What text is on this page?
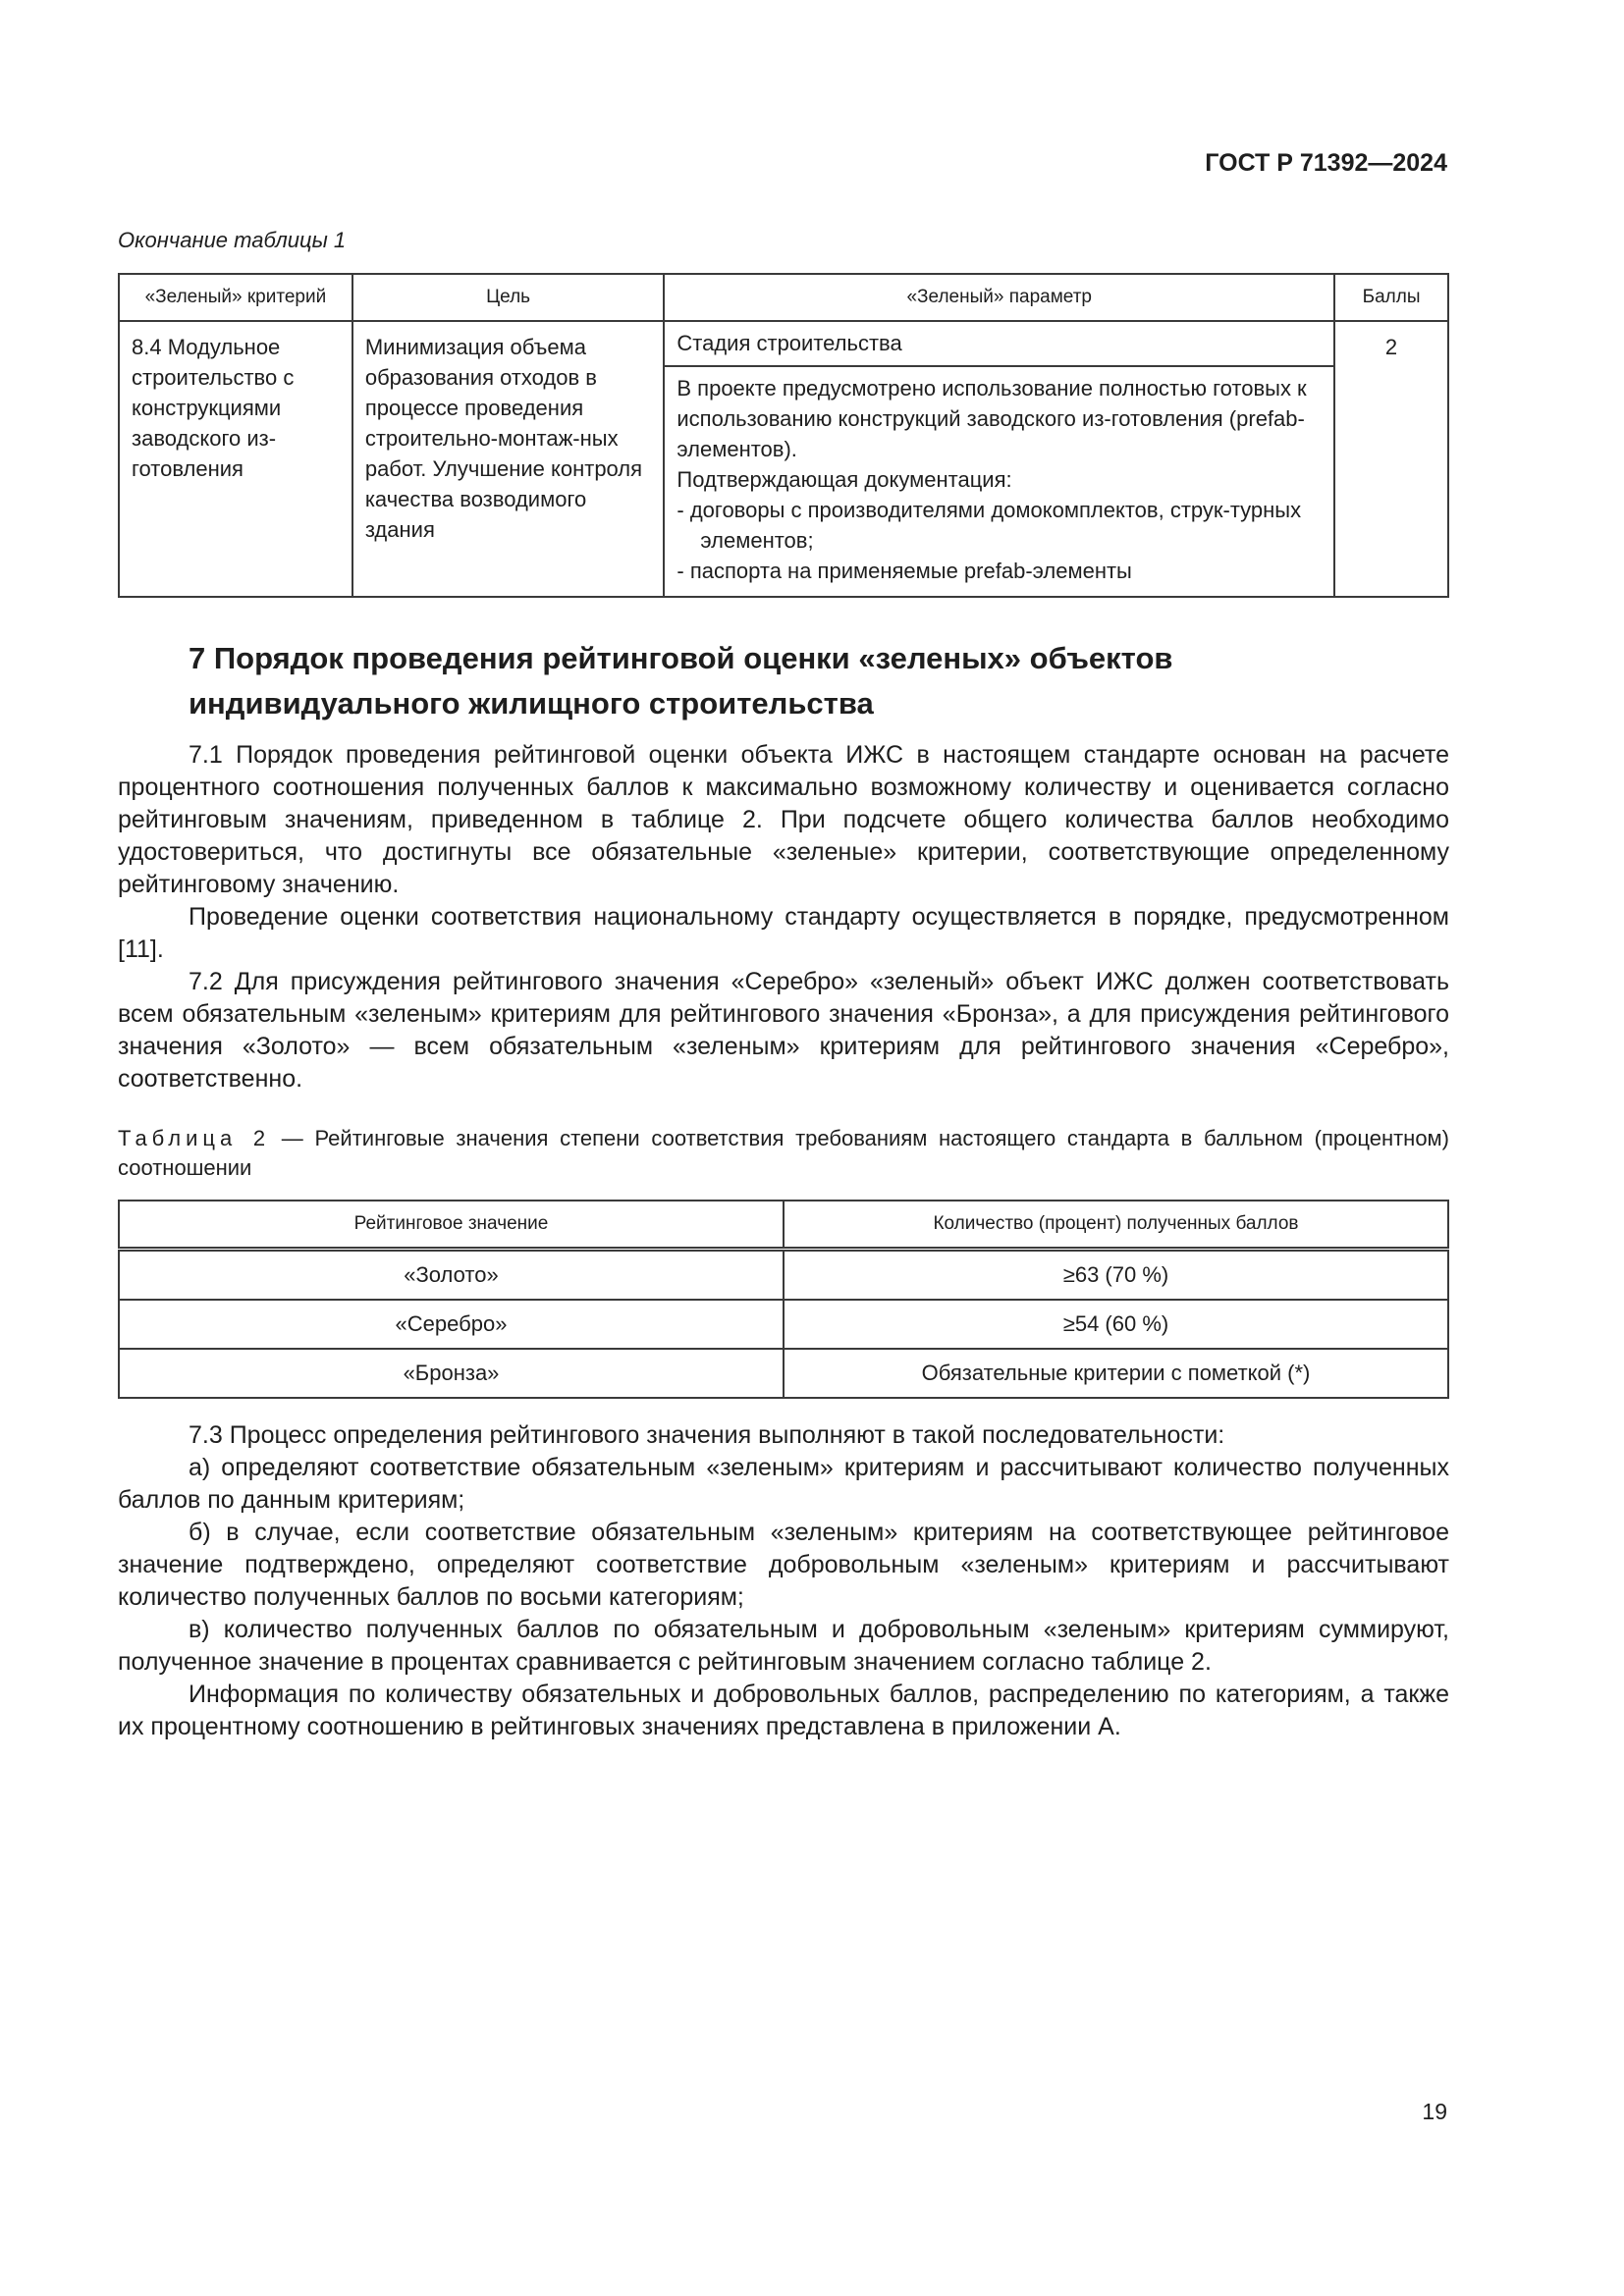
ГОСТ Р 71392—2024
Окончание таблицы 1
«Зеленый» критерий	Цель	«Зеленый» параметр	Баллы
8.4 Модульное строительство с конструкциями заводского из-готовления	Минимизация объема образования отходов в процессе проведения строительно-монтаж-ных работ. Улучшение контроля качества возводимого здания	Стадия строительства	2

		В проекте предусмотрено использование полностью готовых к использованию конструкций заводского из-готовления (prefab-элементов).
Подтверждающая документация:
- договоры с производителями домокомплектов, струк-турных элементов;
- паспорта на применяемые prefab-элементы	
7 Порядок проведения рейтинговой оценки «зеленых» объектов индивидуального жилищного строительства

7.1 Порядок проведения рейтинговой оценки объекта ИЖС в настоящем стандарте основан на расчете процентного соотношения полученных баллов к максимально возможному количеству и оценивается согласно рейтинговым значениям, приведенном в таблице 2. При подсчете общего количества баллов необходимо удостовериться, что достигнуты все обязательные «зеленые» критерии, соответствующие определенному рейтинговому значению.

Проведение оценки соответствия национальному стандарту осуществляется в порядке, предусмотренном [11].

7.2 Для присуждения рейтингового значения «Серебро» «зеленый» объект ИЖС должен соответствовать всем обязательным «зеленым» критериям для рейтингового значения «Бронза», а для присуждения рейтингового значения «Золото» — всем обязательным «зеленым» критериям для рейтингового значения «Серебро», соответственно.

Таблица 2 — Рейтинговые значения степени соответствия требованиям настоящего стандарта в балльном (процентном) соотношении
Рейтинговое значение	Количество (процент) полученных баллов
«Золото»	≥63 (70 %)
«Серебро»	≥54 (60 %)
«Бронза»	Обязательные критерии с пометкой (*)

7.3 Процесс определения рейтингового значения выполняют в такой последовательности:

а) определяют соответствие обязательным «зеленым» критериям и рассчитывают количество полученных баллов по данным критериям;

б) в случае, если соответствие обязательным «зеленым» критериям на соответствующее рейтинговое значение подтверждено, определяют соответствие добровольным «зеленым» критериям и рассчитывают количество полученных баллов по восьми категориям;

в) количество полученных баллов по обязательным и добровольным «зеленым» критериям суммируют, полученное значение в процентах сравнивается с рейтинговым значением согласно таблице 2.

Информация по количеству обязательных и добровольных баллов, распределению по категориям, а также их процентному соотношению в рейтинговых значениях представлена в приложении А.

19
